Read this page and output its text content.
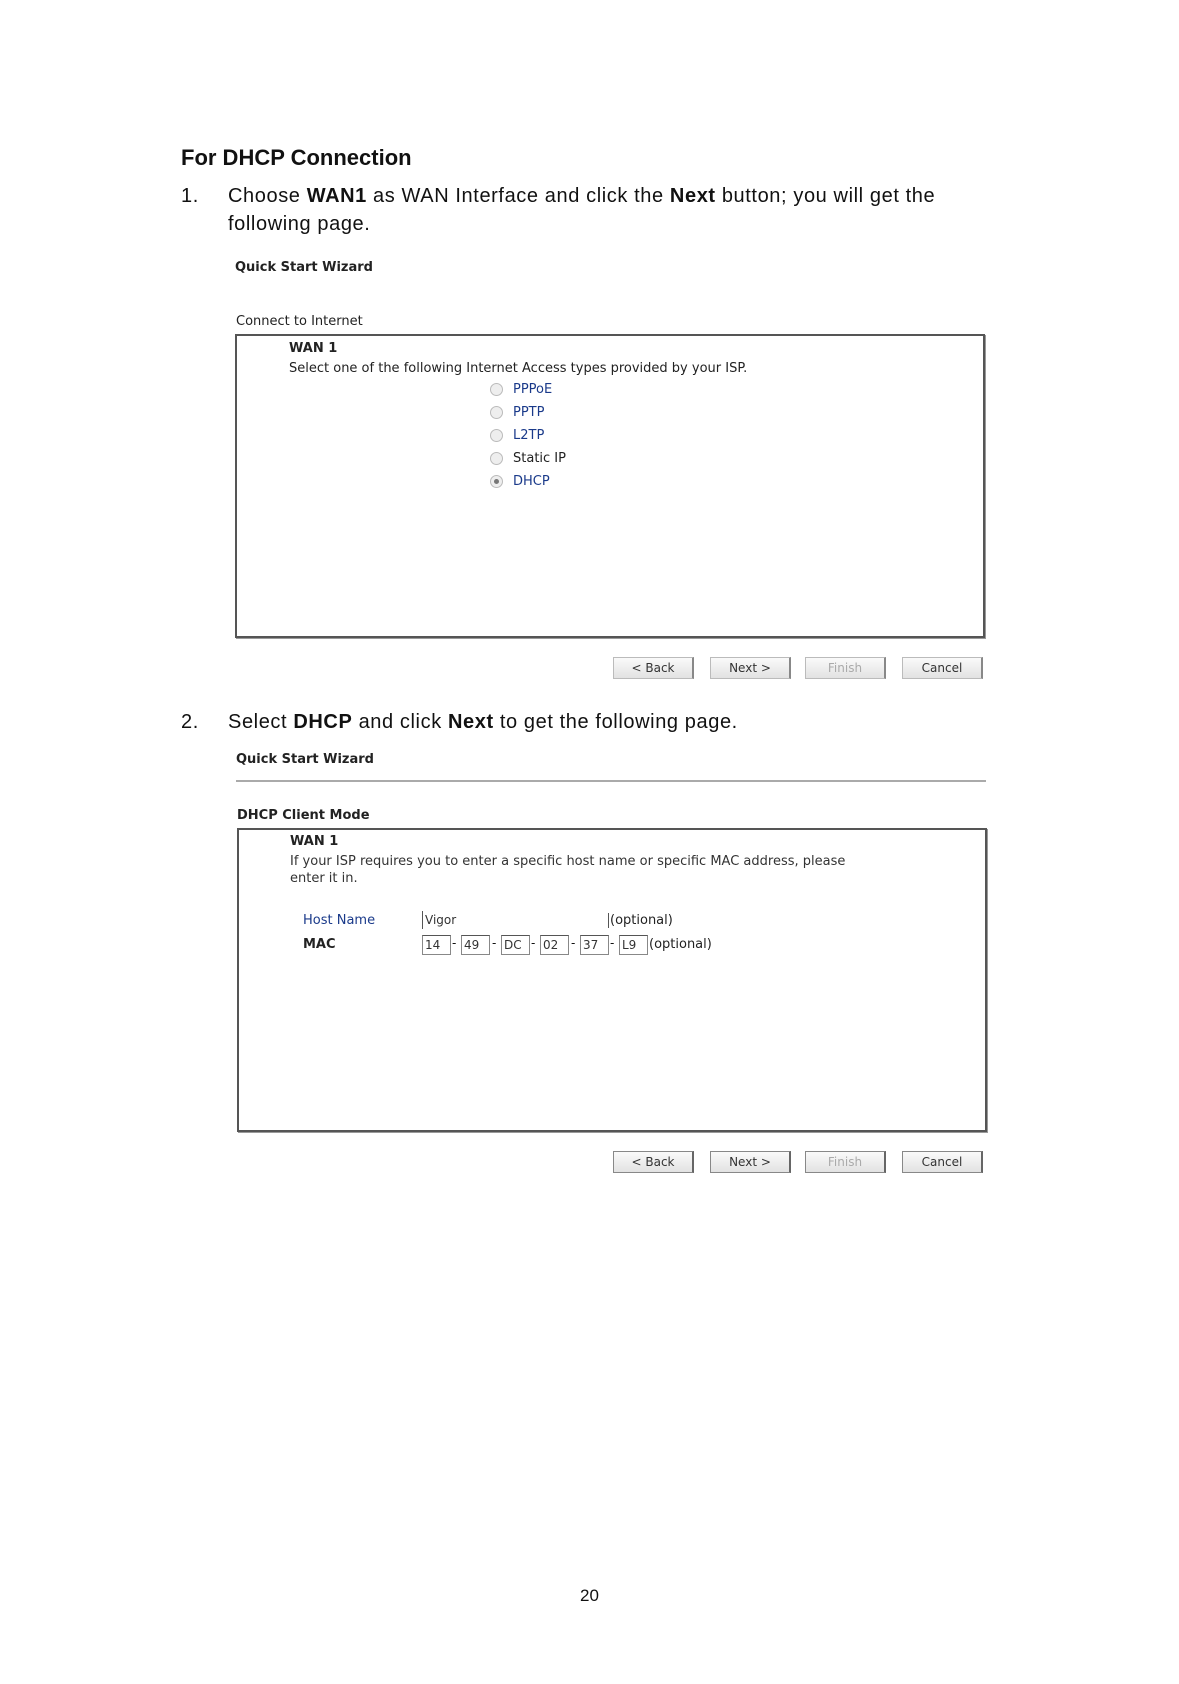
For DHCP Connection
1. Choose WAN1 as WAN Interface and click the Next button; you will get the
following page.
Quick Start Wizard
Connect to Internet
WAN 1
Select one of the following Internet Access types provided by your ISP.
PPPoE
PPTP
L2TP
Static IP
DHCP
< Back	Next >	Finish	Cancel
2. Select DHCP and click Next to get the following page.
Quick Start Wizard
DHCP Client Mode
WAN 1
If your ISP requires you to enter a specific host name or specific MAC address, please
enter it in.
Host Name	Vigor	(optional)
MAC	14 - 49	- DC - 02	- 37 - L9 (optional)
< Back	Next >	Finish	Cancel
20
